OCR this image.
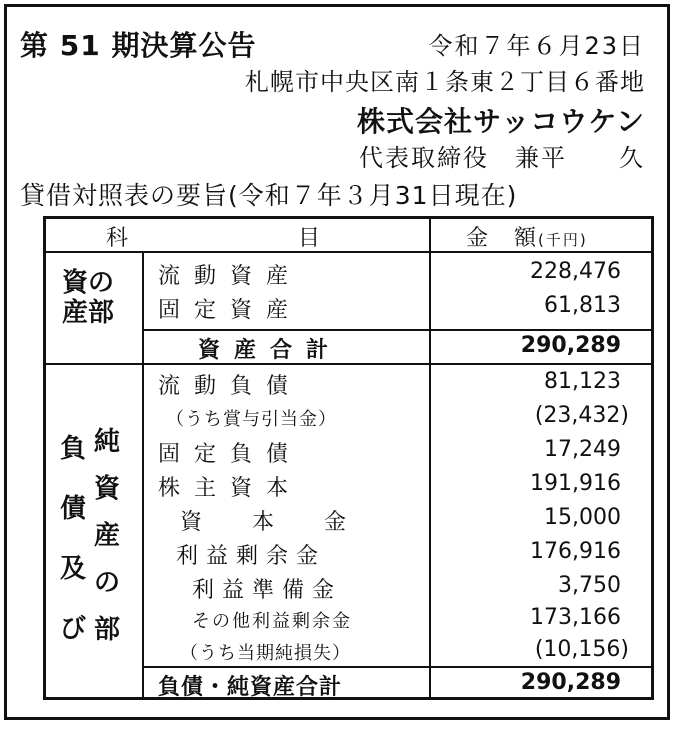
第 51 期決算公告	令和７年６月23日
札幌市中央区南１条東２丁目６番地
株式会社サッコウケン
代表取締役　兼平　　久
貸借対照表の要旨(令和７年３月31日現在)
科　　　　　　　目	金　額(千円)
資の
産部
流動資産	228,476
固定資産	61,813
資産合計	290,289
負
債
及
び
純
資
産
の
部
流動負債	81,123
（うち賞与引当金）	(23,432)
固定負債	17,249
株主資本	191,916
資本金	15,000
利益剰余金	176,916
利益準備金	3,750
その他利益剰余金	173,166
（うち当期純損失）	(10,156)
負債・純資産合計	290,289
